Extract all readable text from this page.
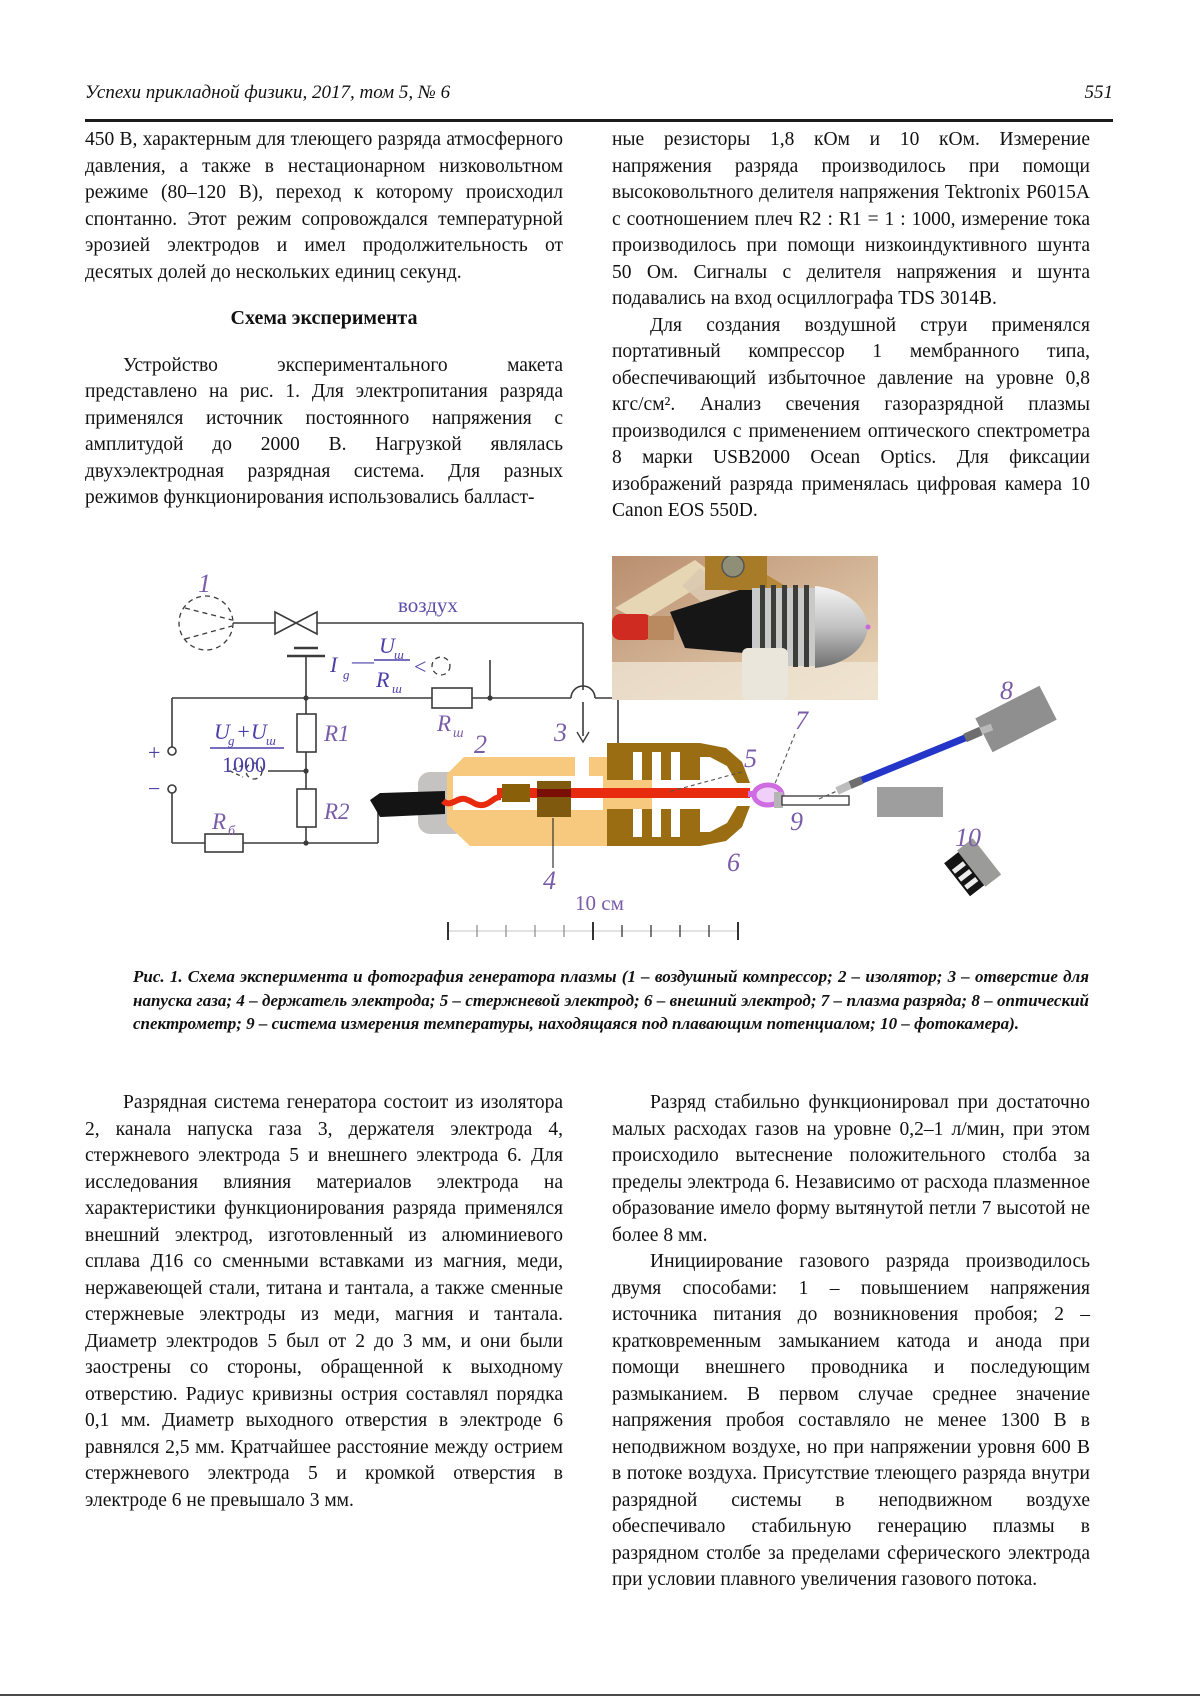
Успехи прикладной физики, 2017, том 5, № 6	551

450 В, характерным для тлеющего разряда атмосферного давления, а также в нестационарном низковольтном режиме (80–120 В), переход к которому происходил спонтанно. Этот режим сопровождался температурной эрозией электродов и имел продолжительность от десятых долей до нескольких единиц секунд.

Схема эксперимента

Устройство экспериментального макета представлено на рис. 1. Для электропитания разряда применялся источник постоянного напряжения с амплитудой до 2000 В. Нагрузкой являлась двухэлектродная разрядная система. Для разных режимов функционирования использовались балласт-

ные резисторы 1,8 кОм и 10 кОм. Измерение напряжения разряда производилось при помощи высоковольтного делителя напряжения Tektronix P6015A с соотношением плеч R2 : R1 = 1 : 1000, измерение тока производилось при помощи низкоиндуктивного шунта 50 Ом. Сигналы с делителя напряжения и шунта подавались на вход осциллографа TDS 3014B.

Для создания воздушной струи применялся портативный компрессор 1 мембранного типа, обеспечивающий избыточное давление на уровне 0,8 кгс/см². Анализ свечения газоразрядной плазмы производился с применением оптического спектрометра 8 марки USB2000 Ocean Optics. Для фиксации изображений разряда применялась цифровая камера 10 Canon EOS 550D.

1
воздух
+
−
R ш
R1
R2
R б
U
g +U ш
1000
I g
—
U ш
R ш
<
2	3
4
5
6
7
8
9
10
10 см
Рис. 1. Схема эксперимента и фотография генератора плазмы (1 – воздушный компрессор; 2 – изолятор; 3 – отверстие для напуска газа; 4 – держатель электрода; 5 – стержневой электрод; 6 – внешний электрод; 7 – плазма разряда; 8 – оптический спектрометр; 9 – система измерения температуры, находящаяся под плавающим потенциалом; 10 – фотокамера).

Разрядная система генератора состоит из изолятора 2, канала напуска газа 3, держателя электрода 4, стержневого электрода 5 и внешнего электрода 6. Для исследования влияния материалов электрода на характеристики функционирования разряда применялся внешний электрод, изготовленный из алюминиевого сплава Д16 со сменными вставками из магния, меди, нержавеющей стали, титана и тантала, а также сменные стержневые электроды из меди, магния и тантала. Диаметр электродов 5 был от 2 до 3 мм, и они были заострены со стороны, обращенной к выходному отверстию. Радиус кривизны острия составлял порядка 0,1 мм. Диаметр выходного отверстия в электроде 6 равнялся 2,5 мм. Кратчайшее расстояние между острием стержневого электрода 5 и кромкой отверстия в электроде 6 не превышало 3 мм.

Разряд стабильно функционировал при достаточно малых расходах газов на уровне 0,2–1 л/мин, при этом происходило вытеснение положительного столба за пределы электрода 6. Независимо от расхода плазменное образование имело форму вытянутой петли 7 высотой не более 8 мм.

Инициирование газового разряда производилось двумя способами: 1 – повышением напряжения источника питания до возникновения пробоя; 2 – кратковременным замыканием катода и анода при помощи внешнего проводника и последующим размыканием. В первом случае среднее значение напряжения пробоя составляло не менее 1300 В в неподвижном воздухе, но при напряжении уровня 600 В в потоке воздуха. Присутствие тлеющего разряда внутри разрядной системы в неподвижном воздухе обеспечивало стабильную генерацию плазмы в разрядном столбе за пределами сферического электрода при условии плавного увеличения газового потока.
